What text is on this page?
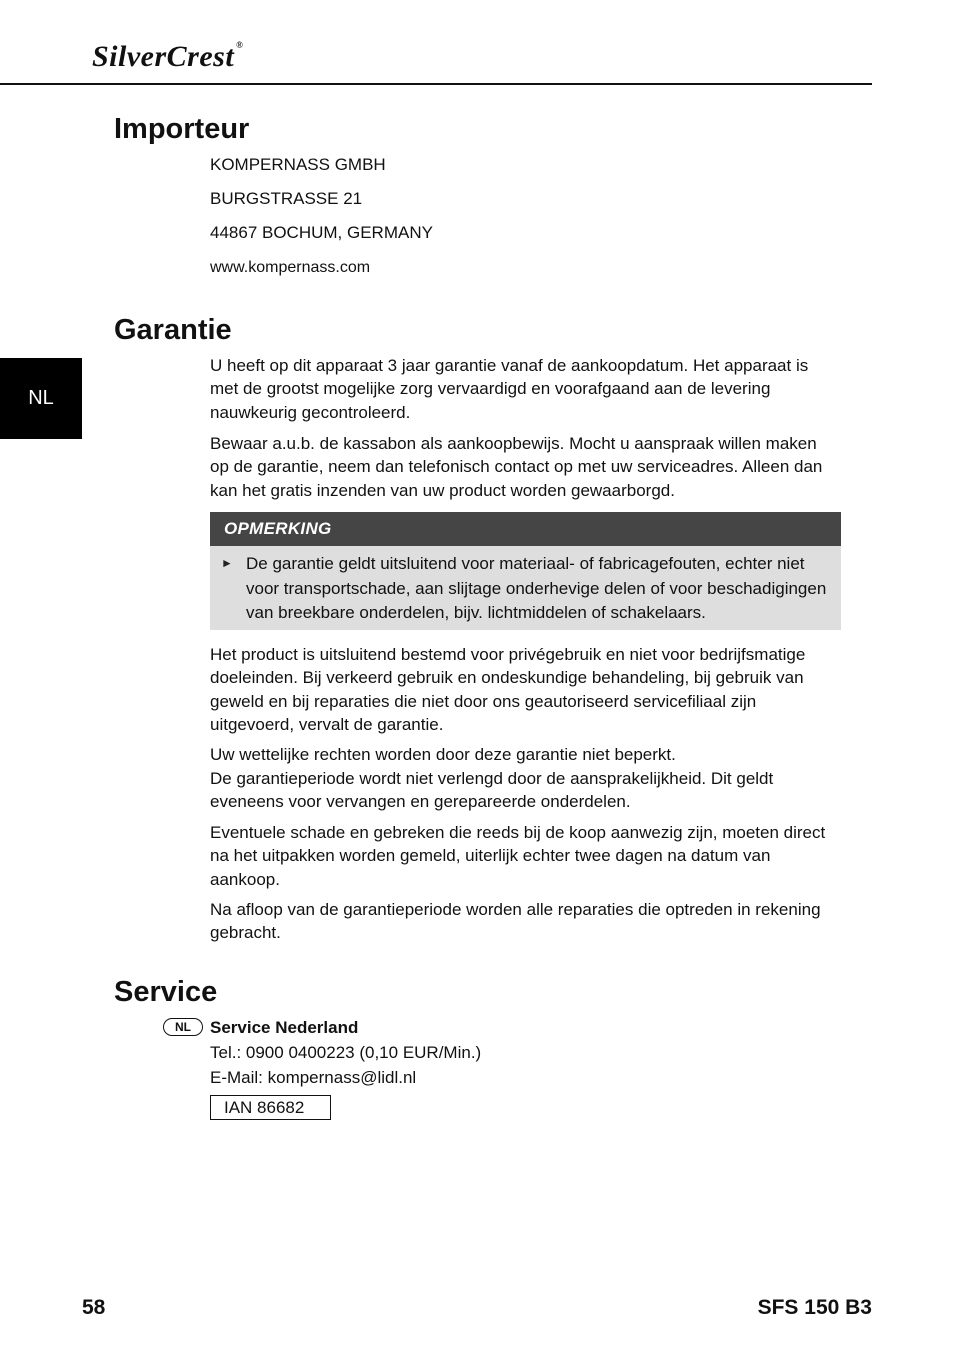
SilverCrest ®
NL
Importeur

KOMPERNASS GMBH

BURGSTRASSE 21

44867 BOCHUM, GERMANY

www.kompernass.com

Garantie

U heeft op dit apparaat 3 jaar garantie vanaf de aankoopdatum. Het apparaat is met de grootst mogelijke zorg vervaardigd en voorafgaand aan de levering nauwkeurig gecontroleerd.

Bewaar a.u.b. de kassabon als aankoopbewijs. Mocht u aanspraak willen maken op de garantie, neem dan telefonisch contact op met uw serviceadres. Alleen dan kan het gratis inzenden van uw product worden gewaarborgd.

OPMERKING
► De garantie geldt uitsluitend voor materiaal- of fabricagefouten, echter niet voor transportschade, aan slijtage onderhevige delen of voor beschadigingen van breekbare onderdelen, bijv. lichtmiddelen of schakelaars.

Het product is uitsluitend bestemd voor privégebruik en niet voor bedrijfsmatige doeleinden. Bij verkeerd gebruik en ondeskundige behandeling, bij gebruik van geweld en bij reparaties die niet door ons geautoriseerd servicefiliaal zijn uitgevoerd, vervalt de garantie.

Uw wettelijke rechten worden door deze garantie niet beperkt.

De garantieperiode wordt niet verlengd door de aansprakelijkheid. Dit geldt eveneens voor vervangen en gerepareerde onderdelen.

Eventuele schade en gebreken die reeds bij de koop aanwezig zijn, moeten direct na het uitpakken worden gemeld, uiterlijk echter twee dagen na datum van aankoop.

Na afloop van de garantieperiode worden alle reparaties die optreden in rekening gebracht.

Service
NL	Service Nederland

Tel.: 0900 0400223 (0,10 EUR/Min.)

E-Mail: kompernass@lidl.nl

IAN 86682
58	SFS 150 B3
